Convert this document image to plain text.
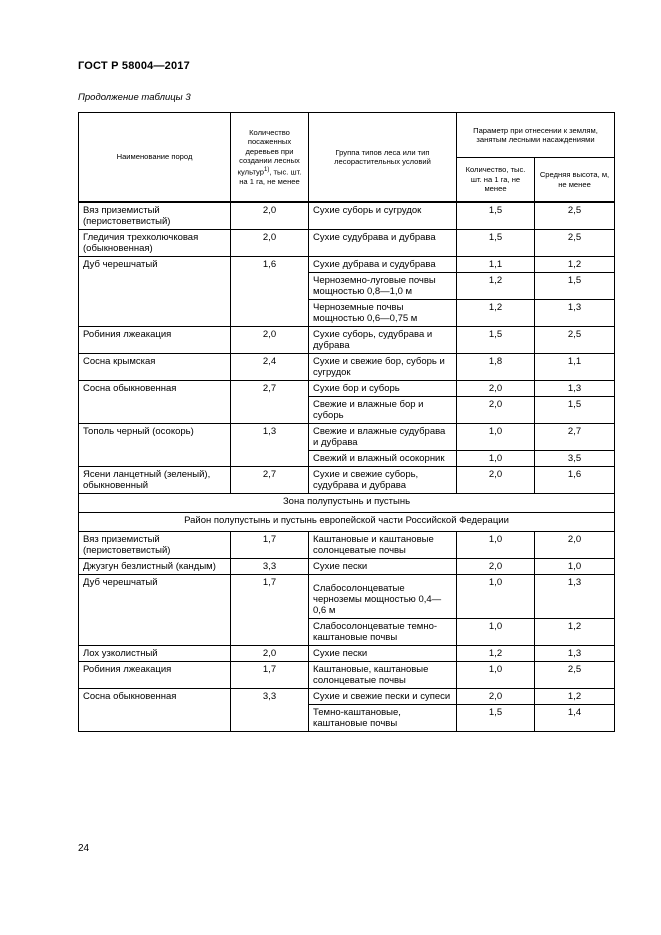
ГОСТ Р 58004—2017
Продолжение таблицы 3
Наименование пород	Количество посаженных деревьев при создании лесных культур$^{1)}$, тыс. шт. на 1 га, не менее	Группа типов леса или тип лесорастительных условий	Параметр при отнесении к землям, занятым лесными насаждениями	
			Количество, тыс. шт. на 1 га, не менее	Средняя высота, м, не менее
Вяз приземистый (перистоветвистый)	2,0	Сухие суборь и сугрудок	1,5	2,5
Гледичия трехколючковая (обыкновенная)	2,0	Сухие судубрава и дубрава	1,5	2,5
Дуб черешчатый	1,6	Сухие дубрава и судубрава	1,1	1,2
		Черноземно-луговые почвы мощностью 0,8—1,0 м	1,2	1,5
		Черноземные почвы мощностью 0,6—0,75 м	1,2	1,3
Робиния лжеакация	2,0	Сухие суборь, судубрава и дубрава	1,5	2,5
Сосна крымская	2,4	Сухие и свежие бор, суборь и сугрудок	1,8	1,1
Сосна обыкновенная	2,7	Сухие бор и суборь	2,0	1,3
		Свежие и влажные бор и суборь	2,0	1,5
Тополь черный (осокорь)	1,3	Свежие и влажные судубрава и дубрава	1,0	2,7
		Свежий и влажный осокорник	1,0	3,5
Ясени ланцетный (зеленый), обыкновенный	2,7	Сухие и свежие суборь, судубрава и дубрава	2,0	1,6
Зона полупустынь и пустынь				
Район полупустынь и пустынь европейской части Российской Федерации				
Вяз приземистый (перистоветвистый)	1,7	Каштановые и каштановые солонцеватые почвы	1,0	2,0
Джузгун безлистный (кандым)	3,3	Сухие пески	2,0	1,0
Дуб черешчатый	1,7	Слабосолонцеватые черноземы мощностью 0,4—0,6 м	1,0	1,3
		Слабосолонцеватые темно-каштановые почвы	1,0	1,2
Лох узколистный	2,0	Сухие пески	1,2	1,3
Робиния лжеакация	1,7	Каштановые, каштановые солонцеватые почвы	1,0	2,5
Сосна обыкновенная	3,3	Сухие и свежие пески и супеси	2,0	1,2
		Темно-каштановые, каштановые почвы	1,5	1,4
24
